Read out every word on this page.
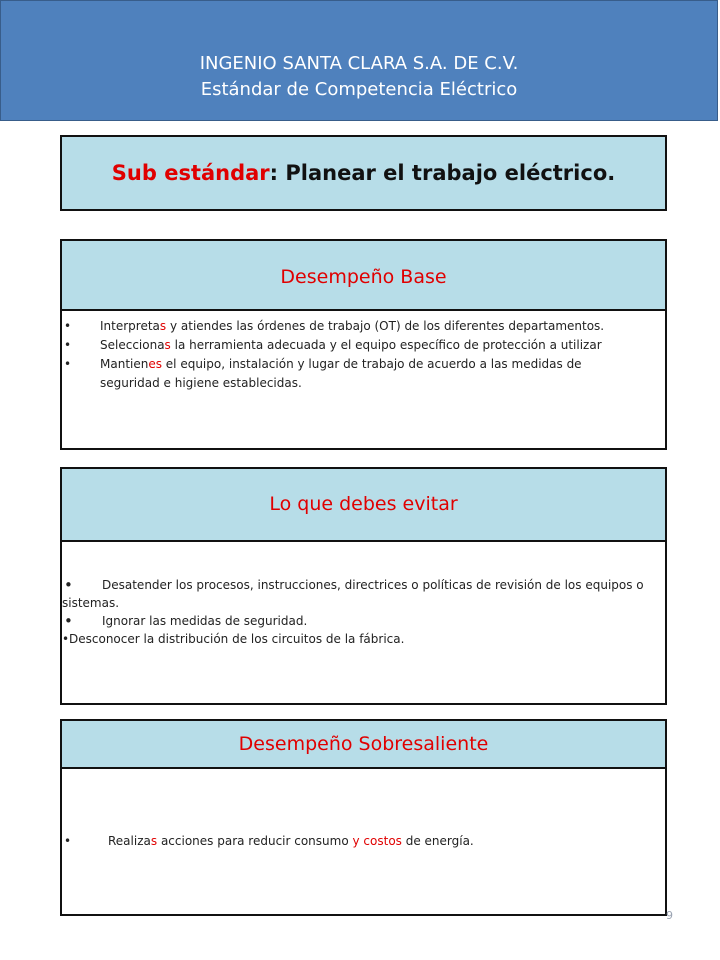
INGENIO SANTA CLARA S.A. DE C.V.
Estándar de Competencia Eléctrico
Sub estándar: Planear el trabajo eléctrico.
Desempeño Base
• Interpretas y atiendes las órdenes de trabajo (OT) de los diferentes departamentos.
• Seleccionas la herramienta adecuada y el equipo específico de protección a utilizar
• Mantienes el equipo, instalación y lugar de trabajo de acuerdo a las medidas de seguridad e higiene establecidas.
Lo que debes evitar
• Desatender los procesos, instrucciones, directrices o políticas de revisión de los equipos o sistemas.
• Ignorar las medidas de seguridad.
• Desconocer la distribución de los circuitos de la fábrica.
Desempeño Sobresaliente
•	Realizas acciones para reducir consumo y costos de energía.
9
